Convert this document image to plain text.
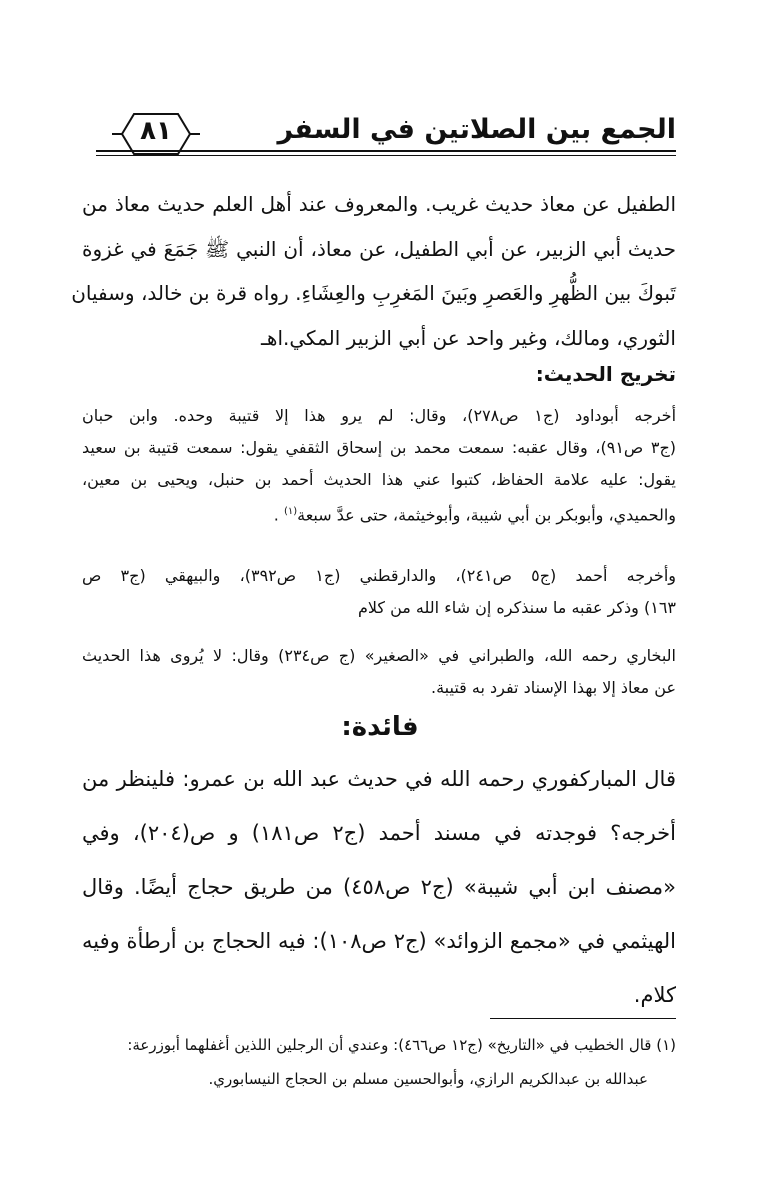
الجمع بين الصلاتين في السفر
٨١
الطفيل عن معاذ حديث غريب. والمعروف عند أهل العلم حديث معاذ من
حديث أبي الزبير، عن أبي الطفيل، عن معاذ، أن النبي ﷺ جَمَعَ في غزوة
تَبوكَ بين الظُّهرِ والعَصرِ وبَينَ المَغرِبِ والعِشَاءِ. رواه قرة بن خالد، وسفيان
الثوري، ومالك، وغير واحد عن أبي الزبير المكي.اهـ
تخريج الحديث:
أخرجه أبوداود (ج١ ص٢٧٨)، وقال: لم يرو هذا إلا قتيبة وحده. وابن حبان
(ج٣ ص٩١)، وقال عقبه: سمعت محمد بن إسحاق الثقفي يقول: سمعت قتيبة بن سعيد
يقول: عليه علامة الحفاظ، كتبوا عني هذا الحديث أحمد بن حنبل، ويحيى بن معين،
والحميدي، وأبوبكر بن أبي شيبة، وأبوخيثمة، حتى عدَّ سبعة$^{(١)}$ .
وأخرجه أحمد (ج٥ ص٢٤١)، والدارقطني (ج١ ص٣٩٢)، والبيهقي (ج٣ ص
١٦٣) وذكر عقبه ما سنذكره إن شاء الله من كلام
البخاري رحمه الله، والطبراني في «الصغير» (ج ص٢٣٤) وقال: لا يُروى هذا الحديث
عن معاذ إلا بهذا الإسناد تفرد به قتيبة.
فائدة:
قال المباركفوري رحمه الله في حديث عبد الله بن عمرو: فلينظر من
أخرجه؟ فوجدته في مسند أحمد (ج٢ ص١٨١) و ص(٢٠٤)، وفي
«مصنف ابن أبي شيبة» (ج٢ ص٤٥٨) من طريق حجاج أيضًا. وقال
الهيثمي في «مجمع الزوائد» (ج٢ ص١٠٨): فيه الحجاج بن أرطأة وفيه
كلام.
(١) قال الخطيب في «التاريخ» (ج١٢ ص٤٦٦): وعندي أن الرجلين اللذين أغفلهما أبوزرعة:
عبدالله بن عبدالكريم الرازي، وأبوالحسين مسلم بن الحجاج النيسابوري.
